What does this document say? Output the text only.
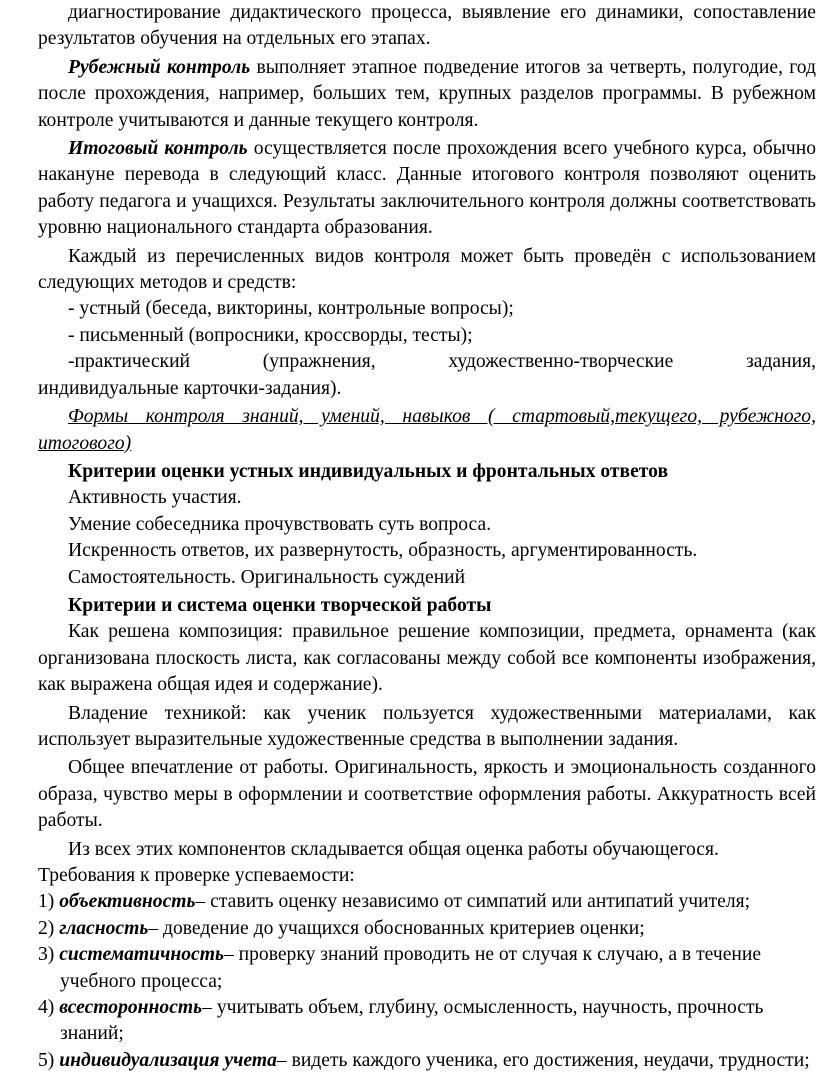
диагностирование дидактического процесса, выявление его динамики, сопоставление результатов обучения на отдельных его этапах.

Рубежный контроль выполняет этапное подведение итогов за четверть, полугодие, год после прохождения, например, больших тем, крупных разделов программы. В рубежном контроле учитываются и данные текущего контроля.

Итоговый контроль осуществляется после прохождения всего учебного курса, обычно накануне перевода в следующий класс. Данные итогового контроля позволяют оценить работу педагога и учащихся. Результаты заключительного контроля должны соответствовать уровню национального стандарта образования.

Каждый из перечисленных видов контроля может быть проведён с использованием следующих методов и средств:

- устный (беседа, викторины, контрольные вопросы);

- письменный (вопросники, кроссворды, тесты);

-практический (упражнения, художественно-творческие задания,

индивидуальные карточки-задания).

Формы контроля знаний, умений, навыков ( стартовый,текущего, рубежного, итогового)

Критерии оценки устных индивидуальных и фронтальных ответов

Активность участия.

Умение собеседника прочувствовать суть вопроса.

Искренность ответов, их развернутость, образность, аргументированность.

Самостоятельность. Оригинальность суждений

Критерии и система оценки творческой работы

Как решена композиция: правильное решение композиции, предмета, орнамента (как организована плоскость листа, как согласованы между собой все компоненты изображения, как выражена общая идея и содержание).

Владение техникой: как ученик пользуется художественными материалами, как использует выразительные художественные средства в выполнении задания.

Общее впечатление от работы. Оригинальность, яркость и эмоциональность созданного образа, чувство меры в оформлении и соответствие оформления работы. Аккуратность всей работы.

Из всех этих компонентов складывается общая оценка работы обучающегося.

Требования к проверке успеваемости:

1) объективность– ставить оценку независимо от симпатий или антипатий учителя;

2) гласность– доведение до учащихся обоснованных критериев оценки;

3) систематичность– проверку знаний проводить не от случая к случаю, а в течение учебного процесса;

4) всесторонность– учитывать объем, глубину, осмысленность, научность, прочность знаний;

5) индивидуализация учета– видеть каждого ученика, его достижения, неудачи, трудности;
